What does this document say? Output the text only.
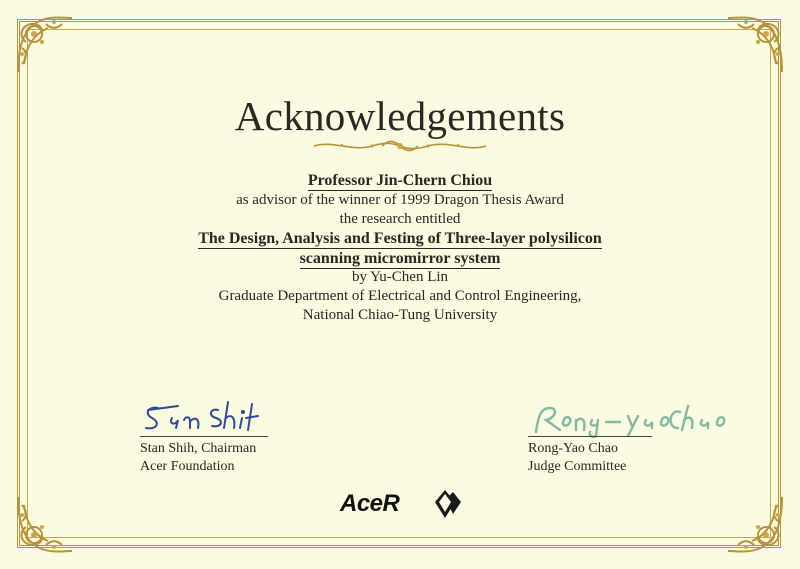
Acknowledgements
Professor Jin-Chern Chiou
as advisor of the winner of 1999 Dragon Thesis Award
the research entitled
The Design, Analysis and Festing of Three-layer polysilicon
scanning micromirror system
by Yu-Chen Lin
Graduate Department of Electrical and Control Engineering,
National Chiao-Tung University
Stan Shih, Chairman
Acer Foundation
Rong-Yao Chao
Judge Committee
AceR
